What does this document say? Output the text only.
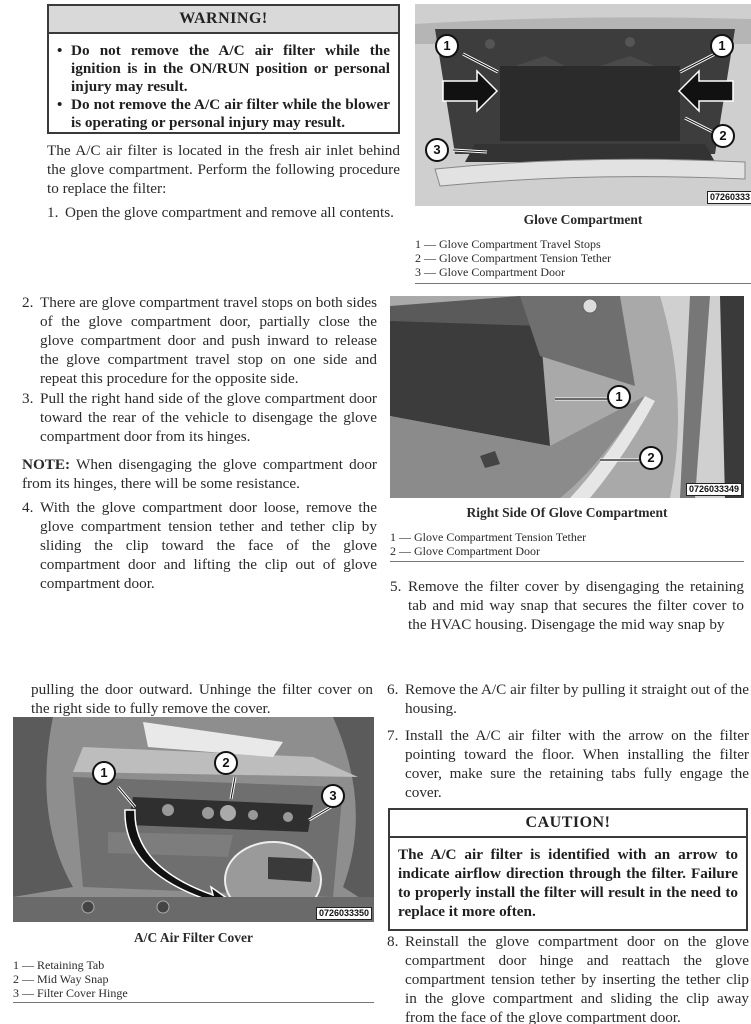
WARNING!
• Do not remove the A/C air filter while the ignition is in the ON/RUN position or personal injury may result.
• Do not remove the A/C air filter while the blower is operating or personal injury may result.

The A/C air filter is located in the fresh air inlet behind the glove compartment. Perform the following procedure to replace the filter:

1. Open the glove compartment and remove all contents.

2. There are glove compartment travel stops on both sides of the glove compartment door, partially close the glove compartment door and push inward to release the glove compartment travel stop on one side and repeat this procedure for the opposite side.

3. Pull the right hand side of the glove compartment door toward the rear of the vehicle to disengage the glove compartment door from its hinges.

NOTE: When disengaging the glove compartment door from its hinges, there will be some resistance.

4. With the glove compartment door loose, remove the glove compartment tension tether and tether clip by sliding the clip toward the face of the glove compartment door and lifting the clip out of glove compartment door.

1	1
2
3
07260333
Glove Compartment
1 — Glove Compartment Travel Stops
2 — Glove Compartment Tension Tether
3 — Glove Compartment Door
1
2
0726033349
Right Side Of Glove Compartment
1 — Glove Compartment Tension Tether
2 — Glove Compartment Door

5. Remove the filter cover by disengaging the retaining tab and mid way snap that secures the filter cover to the HVAC housing. Disengage the mid way snap by

pulling the door outward. Unhinge the filter cover on the right side to fully remove the cover.

1
2
3
0726033350
A/C Air Filter Cover
1 — Retaining Tab
2 — Mid Way Snap
3 — Filter Cover Hinge

6. Remove the A/C air filter by pulling it straight out of the housing.

7. Install the A/C air filter with the arrow on the filter pointing toward the floor. When installing the filter cover, make sure the retaining tabs fully engage the cover.

CAUTION!
The A/C air filter is identified with an arrow to indicate airflow direction through the filter. Failure to properly install the filter will result in the need to replace it more often.

8. Reinstall the glove compartment door on the glove compartment door hinge and reattach the glove compartment tension tether by inserting the tether clip in the glove compartment and sliding the clip away from the face of the glove compartment door.
